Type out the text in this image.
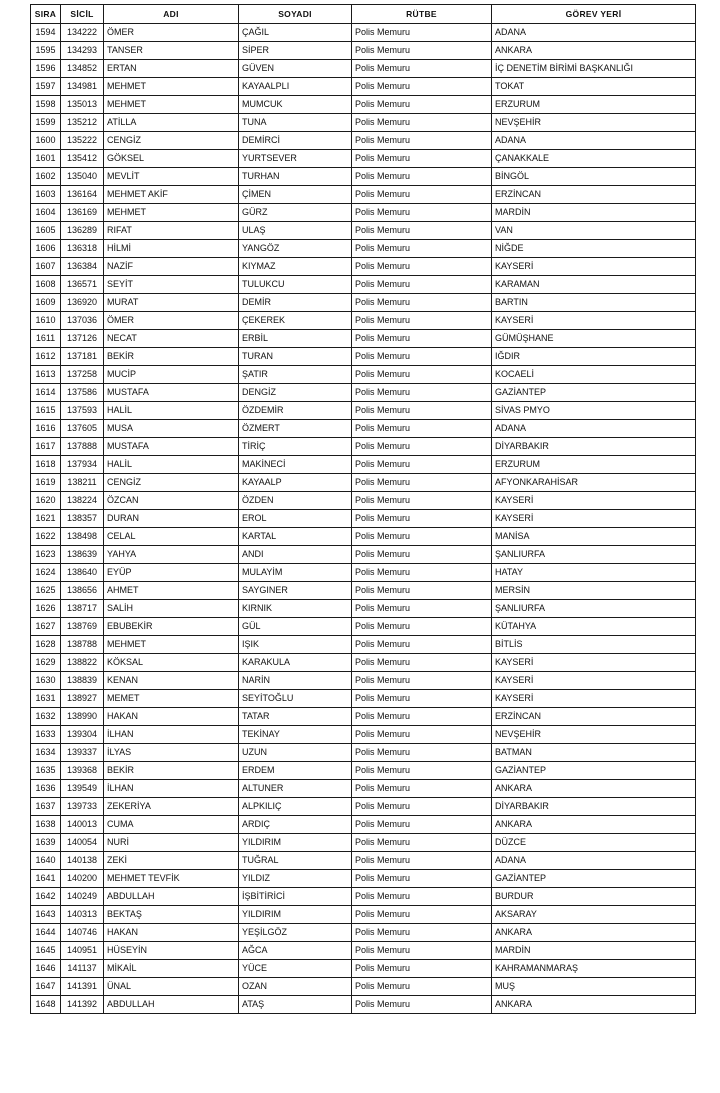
SIRA	SİCİL	ADI	SOYADI	RÜTBE	GÖREV YERİ
1594	134222	ÖMER	ÇAĞIL	Polis Memuru	ADANA
1595	134293	TANSER	SİPER	Polis Memuru	ANKARA
1596	134852	ERTAN	GÜVEN	Polis Memuru	İÇ DENETİM BİRİMİ BAŞKANLIĞI
1597	134981	MEHMET	KAYAALPLI	Polis Memuru	TOKAT
1598	135013	MEHMET	MUMCUK	Polis Memuru	ERZURUM
1599	135212	ATİLLA	TUNA	Polis Memuru	NEVŞEHİR
1600	135222	CENGİZ	DEMİRCİ	Polis Memuru	ADANA
1601	135412	GÖKSEL	YURTSEVER	Polis Memuru	ÇANAKKALE
1602	135040	MEVLİT	TURHAN	Polis Memuru	BİNGÖL
1603	136164	MEHMET AKİF	ÇİMEN	Polis Memuru	ERZİNCAN
1604	136169	MEHMET	GÜRZ	Polis Memuru	MARDİN
1605	136289	RIFAT	ULAŞ	Polis Memuru	VAN
1606	136318	HİLMİ	YANGÖZ	Polis Memuru	NİĞDE
1607	136384	NAZİF	KIYMAZ	Polis Memuru	KAYSERİ
1608	136571	SEYİT	TULUKCU	Polis Memuru	KARAMAN
1609	136920	MURAT	DEMİR	Polis Memuru	BARTIN
1610	137036	ÖMER	ÇEKEREK	Polis Memuru	KAYSERİ
1611	137126	NECAT	ERBİL	Polis Memuru	GÜMÜŞHANE
1612	137181	BEKİR	TURAN	Polis Memuru	IĞDIR
1613	137258	MUCİP	ŞATIR	Polis Memuru	KOCAELİ
1614	137586	MUSTAFA	DENGİZ	Polis Memuru	GAZİANTEP
1615	137593	HALİL	ÖZDEMİR	Polis Memuru	SİVAS PMYO
1616	137605	MUSA	ÖZMERT	Polis Memuru	ADANA
1617	137888	MUSTAFA	TİRİÇ	Polis Memuru	DİYARBAKIR
1618	137934	HALİL	MAKİNECİ	Polis Memuru	ERZURUM
1619	138211	CENGİZ	KAYAALP	Polis Memuru	AFYONKARAHİSAR
1620	138224	ÖZCAN	ÖZDEN	Polis Memuru	KAYSERİ
1621	138357	DURAN	EROL	Polis Memuru	KAYSERİ
1622	138498	CELAL	KARTAL	Polis Memuru	MANİSA
1623	138639	YAHYA	ANDI	Polis Memuru	ŞANLIURFA
1624	138640	EYÜP	MULAYİM	Polis Memuru	HATAY
1625	138656	AHMET	SAYGINER	Polis Memuru	MERSİN
1626	138717	SALİH	KIRNIK	Polis Memuru	ŞANLIURFA
1627	138769	EBUBEKİR	GÜL	Polis Memuru	KÜTAHYA
1628	138788	MEHMET	IŞIK	Polis Memuru	BİTLİS
1629	138822	KÖKSAL	KARAKULA	Polis Memuru	KAYSERİ
1630	138839	KENAN	NARİN	Polis Memuru	KAYSERİ
1631	138927	MEMET	SEYİTOĞLU	Polis Memuru	KAYSERİ
1632	138990	HAKAN	TATAR	Polis Memuru	ERZİNCAN
1633	139304	İLHAN	TEKİNAY	Polis Memuru	NEVŞEHİR
1634	139337	İLYAS	UZUN	Polis Memuru	BATMAN
1635	139368	BEKİR	ERDEM	Polis Memuru	GAZİANTEP
1636	139549	İLHAN	ALTUNER	Polis Memuru	ANKARA
1637	139733	ZEKERİYA	ALPKILIÇ	Polis Memuru	DİYARBAKIR
1638	140013	CUMA	ARDIÇ	Polis Memuru	ANKARA
1639	140054	NURİ	YILDIRIM	Polis Memuru	DÜZCE
1640	140138	ZEKİ	TUĞRAL	Polis Memuru	ADANA
1641	140200	MEHMET TEVFİK	YILDIZ	Polis Memuru	GAZİANTEP
1642	140249	ABDULLAH	İŞBİTİRİCİ	Polis Memuru	BURDUR
1643	140313	BEKTAŞ	YILDIRIM	Polis Memuru	AKSARAY
1644	140746	HAKAN	YEŞİLGÖZ	Polis Memuru	ANKARA
1645	140951	HÜSEYİN	AĞCA	Polis Memuru	MARDİN
1646	141137	MİKAİL	YÜCE	Polis Memuru	KAHRAMANMARAŞ
1647	141391	ÜNAL	OZAN	Polis Memuru	MUŞ
1648	141392	ABDULLAH	ATAŞ	Polis Memuru	ANKARA
